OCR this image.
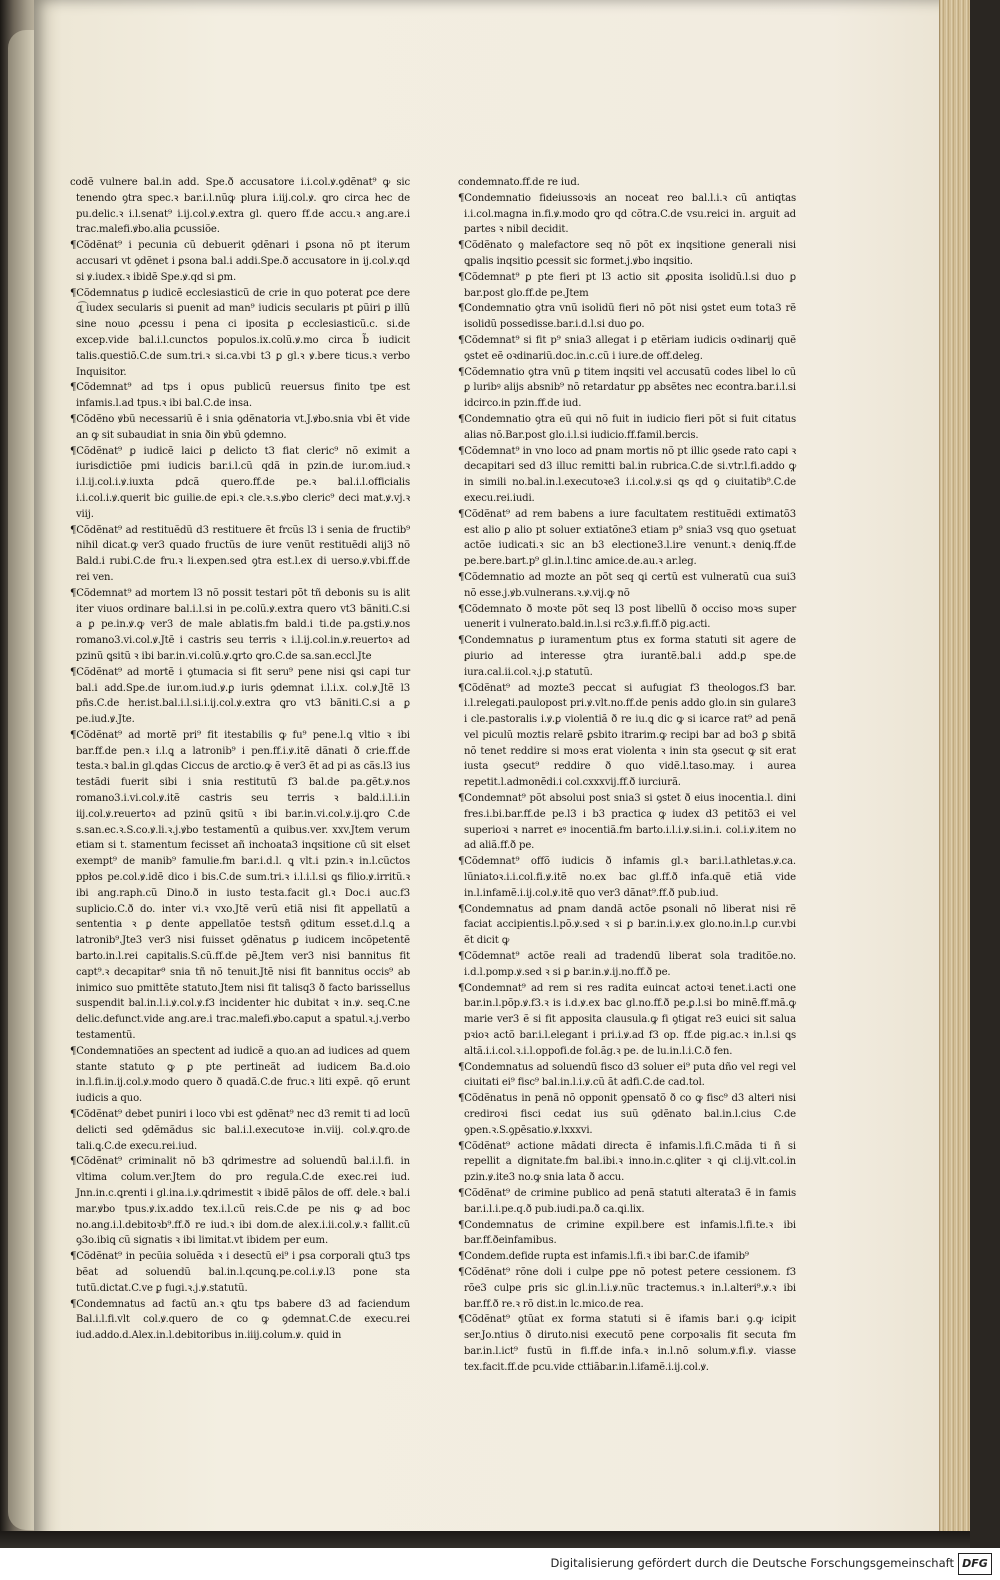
codẽ vulnere bal.in add. Spe.ð accusatore i.i.col.ꝟ.ꝯdẽnat⁹ ꝙ sic tenendo ꝯtra spec.ꝛ bar.i.l.nũꝙ plura i.iij.col.ꝟ. ꝗro circa hec de pu.delic.ꝛ i.l.senat⁹ i.ij.col.ꝟ.extra gl. quero ff.de accu.ꝛ ang.are.i trac.malefi.ꝟbo.alia ꝑcussiõe.

¶Cõdẽnat⁹ i pecunia cũ debuerit ꝯdẽnari i ꝑsona nõ pt iterum accusari vt ꝯdẽnet i ꝑsona bal.i addi.Spe.ð accusatore in ij.col.ꝟ.qd si ꝟ.iudex.ꝛ ibidẽ Spe.ꝟ.qd si ꝑm.

¶Cõdemnatus ꝑ iudicẽ ecclesiasticũ de crie in quo poterat ꝑce dere ɋ͡ iudex secularis si ꝑuenit ad man⁹ iudicis secularis pt ꝑũiri ꝑ illũ sine nouo ꝓcessu i pena ci iposita ꝑ ecclesiasticũ.c. si.de excep.vide bal.i.l.cunctos populos.ix.colũ.ꝟ.mo circa b̃ iudicit talis.questiõ.C.de sum.tri.ꝛ si.ca.vbi t3 ꝑ gl.ꝛ ꝟ.bere ticus.ꝛ verbo Inquisitor.

¶Cõdemnat⁹ ad tps i opus publicũ reuersus finito tpe est infamis.l.ad tpus.ꝛ ibi bal.C.de insa.

¶Cõdẽno ꝟbũ necessariũ ẽ i snia ꝯdẽnatoria vt.J.ꝟbo.snia vbi ẽt vide an ꝙ sit subaudiat in snia ðin ꝟbũ ꝯdemno.

¶Cõdẽnat⁹ ꝑ iudicẽ laici ꝑ delicto t3 fiat cleric⁹ nõ eximit a iurisdictiõe pmi iudicis bar.i.l.cũ qdã in pzin.de iur.om.iud.ꝛ i.l.ij.col.i.ꝟ.iuxta ꝑdcã quero.ff.de pe.ꝛ bal.i.l.officialis i.i.col.i.ꝟ.querit bic guilie.de epi.ꝛ cle.ꝛ.s.ꝟbo cleric⁹ deci mat.ꝟ.vj.ꝛ viij.

¶Cõdẽnat⁹ ad restituẽdũ d3 restituere ẽt frcũs l3 i senia de fructib⁹ nihil dicat.ꝙ ver3 quado fructũs de iure venũt restituẽdi alij3 nõ Bald.i rubi.C.de fru.ꝛ li.expen.sed ꝯtra est.l.ex di uerso.ꝟ.vbi.ff.de rei ven.

¶Cõdemnat⁹ ad mortem l3 nõ possit testari põt tñ debonis su is alit iter viuos ordinare bal.i.l.si in pe.colũ.ꝟ.extra quero vt3 bãniti.C.si a ꝑ pe.in.ꝟ.ꝙ ver3 de male ablatis.fm bald.i ti.de pa.gsti.ꝟ.nos romano3.vi.col.ꝟ.Jtẽ i castris seu terris ꝛ i.l.ij.col.in.ꝟ.reuertoꝛ ad pzinũ ꝗsitũ ꝛ ibi bar.in.vi.colũ.ꝟ.ꝗrto ꝗro.C.de sa.san.eccl.Jte

¶Cõdẽnat⁹ ad mortẽ i ꝯtumacia si fit seru⁹ pene nisi ꝗsi capi tur bal.i add.Spe.de iur.om.iud.ꝟ.ꝑ iuris ꝯdemnat i.l.i.x. col.ꝟ.Jtẽ l3 pñs.C.de her.ist.bal.i.l.si.i.ij.col.ꝟ.extra ꝗro vt3 bãniti.C.si a ꝑ pe.iud.ꝟ.Jte.

¶Cõdẽnat⁹ ad mortẽ pri⁹ fit itestabilis ꝙ fu⁹ pene.l.ꝗ vltio ꝛ ibi bar.ff.de pen.ꝛ i.l.ꝗ a latronib⁹ i pen.ff.i.ꝟ.itẽ dãnati ð crie.ff.de testa.ꝛ bal.in gl.ꝗdas Ciccus de arctio.ꝙ ẽ ver3 ẽt ad pi as cãs.l3 ius testãdi fuerit sibi i snia restitutũ f3 bal.de pa.gẽt.ꝟ.nos romano3.i.vi.col.ꝟ.itẽ castris seu terris ꝛ bald.i.l.i.in iij.col.ꝟ.reuertoꝛ ad pzinũ ꝗsitũ ꝛ ibi bar.in.vi.col.ꝟ.ij.ꝗro C.de s.san.ec.ꝛ.S.co.ꝟ.li.ꝛ.j.ꝟbo testamentũ a quibus.ver. xxv.Jtem verum etiam si t. stamentum fecisset añ inchoata3 inqsitione cū sit elset exempt⁹ de manib⁹ famulie.fm bar.i.d.l. ꝗ vlt.i pzin.ꝛ in.l.cũctos ppłos pe.col.ꝟ.idẽ dico i bis.C.de sum.tri.ꝛ i.l.i.l.si ꝗs filio.ꝟ.irritũ.ꝛ ibi ang.raph.cũ Dino.ð in iusto testa.facit gl.ꝛ Doc.i auc.f3 suplicio.C.ð do. inter vi.ꝛ vxo.Jtẽ verũ etiã nisi fit appellatũ a sententia ꝛ ꝑ dente appellatõe testsñ ꝯditum esset.d.l.ꝗ a latronib⁹.Jte3 ver3 nisi fuisset ꝯdẽnatus ꝑ iudicem incõpetentẽ barto.in.l.rei capitalis.S.cũ.ff.de pẽ.Jtem ver3 nisi bannitus fit capt⁹.ꝛ decapitar⁹ snia tñ nõ tenuit.Jtẽ nisi fit bannitus occis⁹ ab inimico suo pmittẽte statuto.Jtem nisi fit talisq3 ð facto barissellus suspendit bal.in.l.i.ꝟ.col.ꝟ.f3 incidenter hic dubitat ꝛ in.ꝟ. seq.C.ne delic.defunct.vide ang.are.i trac.malefi.ꝟbo.caput a spatul.ꝛ.j.verbo testamentũ.

¶Condemnatiões an spectent ad iudicẽ a quo.an ad iudices ad quem stante statuto ꝙ ꝑ pte pertineãt ad iudicem Ba.d.oio in.l.fi.in.ij.col.ꝟ.modo quero ð quadã.C.de fruc.ꝛ liti expẽ. qõ erunt iudicis a quo.

¶Cõdẽnat⁹ debet puniri i loco vbi est ꝯdẽnat⁹ nec d3 remit ti ad locũ delicti sed ꝯdẽmãdus sic bal.i.l.executoꝛe in.viij. col.ꝟ.ꝗro.de tali.ꝗ.C.de execu.rei.iud.

¶Cõdẽnat⁹ criminalit nõ b3 ꝗdrimestre ad soluendũ bal.i.l.fi. in vltima colum.ver.Jtem do pro regula.C.de exec.rei iud. Jnn.in.c.ꝗrenti i gl.ina.i.ꝟ.ꝗdrimestit ꝛ ibidẽ pãlos de off. dele.ꝛ bal.i mar.ꝟbo tpus.ꝟ.ix.addo tex.i.l.cũ reis.C.de pe nis ꝙ ad boc no.ang.i.l.debitoꝛb⁹.ff.ð re iud.ꝛ ibi dom.de alex.i.ii.col.ꝟ.ꝛ fallit.cũ ꝯ3o.ibiꝗ cũ signatis ꝛ ibi limitat.vt ibidem per eum.

¶Cõdẽnat⁹ in pecũia soluẽda ꝛ i desectũ ei⁹ i ꝑsa corporali ꝗtu3 tps bẽat ad soluendũ bal.in.l.qcunꝗ.pe.col.i.ꝟ.l3 pone sta tutũ.dictat.C.ve ꝑ fugi.ꝛ.j.ꝟ.statutũ.

¶Condemnatus ad factũ an.ꝛ ꝗtu tps babere d3 ad faciendum Bal.i.l.fi.vlt col.ꝟ.quero de co ꝙ ꝯdemnat.C.de execu.rei iud.addo.d.Alex.in.l.debitoribus in.iiij.colum.ꝟ. quid in

condemnato.ff.de re iud.

¶Condemnatio fideiussoꝛis an noceat reo bal.l.i.ꝛ cũ antiqtas i.i.col.magna in.fi.ꝟ.modo ꝗro qd cõtra.C.de vsu.reici in. arguit ad partes ꝛ nibil decidit.

¶Cõdẽnato ꝯ malefactore seq nõ põt ex inqsitione generali nisi ꝗpalis inqsitio ꝑcessit sic formet.j.ꝟbo inqsitio.

¶Cõdemnat⁹ ꝑ pte fieri pt l3 actio sit ꝓposita isolidũ.l.si duo ꝑ bar.post glo.ff.de pe.Jtem

¶Condemnatio ꝯtra vnũ isolidũ fieri nõ põt nisi ꝯstet eum tota3 rẽ isolidũ possedisse.bar.i.d.l.si duo ꝑo.

¶Cõdemnat⁹ si fit p⁹ snia3 allegat i ꝑ etẽriam iudicis oꝛdinarij quẽ ꝯstet eẽ oꝛdinariũ.doc.in.c.cũ i iure.de off.deleg.

¶Cõdemnatio ꝯtra vnũ ꝑ titem inqsiti vel accusatũ codes libel lo cũ ꝑ luribꝰ alijs absnib⁹ nõ retardatur ꝑp absẽtes nec econtra.bar.i.l.si idcirco.in pzin.ff.de iud.

¶Condemnatio ꝯtra eũ qui nõ fuit in iudicio fieri põt si fuit citatus alias nõ.Bar.post glo.i.l.si iudicio.ff.famil.bercis.

¶Cõdemnat⁹ in vno loco ad ꝑnam mortis nõ pt illic ꝯsede rato capi ꝛ decapitari sed d3 illuc remitti bal.in rubrica.C.de si.vtr.l.fi.addo ꝙ in simili no.bal.in.l.executoꝛe3 i.i.col.ꝟ.si ꝗs qd ꝯ ciuitatib⁹.C.de execu.rei.iudi.

¶Cõdẽnat⁹ ad rem babens a iure facultatem restituẽdi extimatõ3 est alio ꝑ alio pt soluer extiatõne3 etiam p⁹ snia3 vsꝗ quo ꝯsetuat actõe iudicati.ꝛ sic an b3 electione3.l.ire venunt.ꝛ deniꝗ.ff.de pe.bere.bart.p⁹ gl.in.l.tinc amice.de.au.ꝛ ar.leg.

¶Cõdemnatio ad mozte an põt seq ꝗi certũ est vulneratũ cua sui3 nõ esse.j.ꝟb.vulnerans.ꝛ.ꝟ.vij.ꝙ nõ

¶Cõdemnato ð moꝛte põt seq l3 post libellũ ð occiso moꝛs super uenerit i vulnerato.bald.in.l.si rc3.ꝟ.fi.ff.ð pig.acti.

¶Condemnatus ꝑ iuramentum ꝑtus ex forma statuti sit agere de ꝑiurio ad interesse ꝯtra iurantẽ.bal.i add.ꝑ spe.de iura.cal.ii.col.ꝛ.j.ꝑ statutũ.

¶Cõdẽnat⁹ ad mozte3 peccat si aufugiat f3 theologos.f3 bar. i.l.relegati.paulopost pri.ꝟ.vlt.no.ff.de penis addo glo.in sin gulare3 i cle.pastoralis i.ꝟ.ꝑ violentiã ð re iu.ꝗ dic ꝙ si icarce rat⁹ ad penã vel piculũ moztis relarẽ ꝑsbito itrarim.ꝙ recipi bar ad bo3 ꝑ sbitã nõ tenet reddire si moꝛs erat violenta ꝛ inin sta ꝯsecut ꝙ sit erat iusta ꝯsecut⁹ reddire ð quo vidẽ.l.taso.may. i aurea repetit.l.admonẽdi.i col.cxxxvij.ff.ð iurciurã.

¶Condemnat⁹ põt absolui post snia3 si ꝯstet ð eius inocentia.l. dini fres.i.bi.bar.ff.de pe.l3 i b3 practica ꝙ iudex d3 petitõ3 ei vel superioꝛi ꝛ narret eꝰ inocentiã.fm barto.i.l.i.ꝟ.si.in.i. col.i.ꝟ.item no ad aliã.ff.ð pe.

¶Cõdemnat⁹ offõ iudicis ð infamis gl.ꝛ bar.i.l.athletas.ꝟ.ca. lũniatoꝛ.i.i.col.fi.ꝟ.itẽ no.ex bac gl.ff.ð infa.quẽ etiã vide in.l.infamẽ.i.ij.col.ꝟ.itẽ quo ver3 dãnat⁹.ff.ð pub.iud.

¶Condemnatus ad ꝑnam dandã actõe ꝑsonali nõ liberat nisi rẽ faciat accipientis.l.põ.ꝟ.sed ꝛ si ꝑ bar.in.i.ꝟ.ex glo.no.in.l.ꝑ cur.vbi ẽt dicit ꝙ

¶Cõdemnat⁹ actõe reali ad tradendũ liberat sola traditõe.no. i.d.l.pomp.ꝟ.sed ꝛ si ꝑ bar.in.ꝟ.ij.no.ff.ð pe.

¶Condemnat⁹ ad rem si res radita euincat actoꝛi tenet.i.acti one bar.in.l.põp.ꝟ.f3.ꝛ is i.d.ꝟ.ex bac gl.no.ff.ð pe.ꝑ.l.si bo minẽ.ff.mã.ꝙ marie ver3 ẽ si fit apposita clausula.ꝙ fi ꝯtigat re3 euici sit salua pꝛioꝛ actõ bar.i.l.elegant i pri.i.ꝟ.ad f3 op. ff.de pig.ac.ꝛ in.l.si ꝗs altã.i.i.col.ꝛ.i.l.oppofi.de fol.ãg.ꝛ pe. de lu.in.l.i.C.ð fen.

¶Condemnatus ad soluendũ fisco d3 soluer ei⁹ puta dño vel regi vel ciuitati ei⁹ fisc⁹ bal.in.l.i.ꝟ.cũ ãt adfi.C.de cad.tol.

¶Cõdẽnatus in penã nõ opponit ꝯpensatõ ð co ꝙ fisc⁹ d3 alteri nisi crediroꝛi fisci cedat ius suũ ꝯdẽnato bal.in.l.cius C.de ꝯpen.ꝛ.S.ꝯpẽsatio.ꝟ.lxxxvi.

¶Cõdẽnat⁹ actione mãdati directa ẽ infamis.l.fi.C.mãda ti ñ si repellit a dignitate.fm bal.ibi.ꝛ inno.in.c.ꝗliter ꝛ ꝗi cl.ij.vlt.col.in pzin.ꝟ.ite3 no.ꝙ snia lata ð accu.

¶Cõdẽnat⁹ de crimine publico ad penã statuti alterata3 ẽ in famis bar.i.l.i.pe.q.ð pub.iudi.pa.ð ca.ꝗi.lix.

¶Condemnatus de crimine expil.bere est infamis.l.fi.te.ꝛ ibi bar.ff.ðeinfamibus.

¶Condem.defide rupta est infamis.l.fi.ꝛ ibi bar.C.de ifamib⁹

¶Cõdẽnat⁹ rõne doli i culpe ꝑꝑe nõ potest petere cessionem. f3 rõe3 culpe ꝑris sic gl.in.l.i.ꝟ.nũc tractemus.ꝛ in.l.alteri⁹.ꝟ.ꝛ ibi bar.ff.ð re.ꝛ rõ dist.in lc.mico.de rea.

¶Cõdẽnat⁹ ꝯtũat ex forma statuti si ẽ ifamis bar.i ꝯ.ꝙ icipit ser.Jo.ntius ð diruto.nisi executõ pene corpoꝛalis fit secuta fm bar.in.l.ict⁹ fustũ in fi.ff.de infa.ꝛ in.l.nõ solum.ꝟ.fi.ꝟ. viasse tex.facit.ff.de pcu.vide cttiãbar.in.l.ifamẽ.i.ij.col.ꝟ.

Digitalisierung gefördert durch die Deutsche Forschungsgemeinschaft DFG
